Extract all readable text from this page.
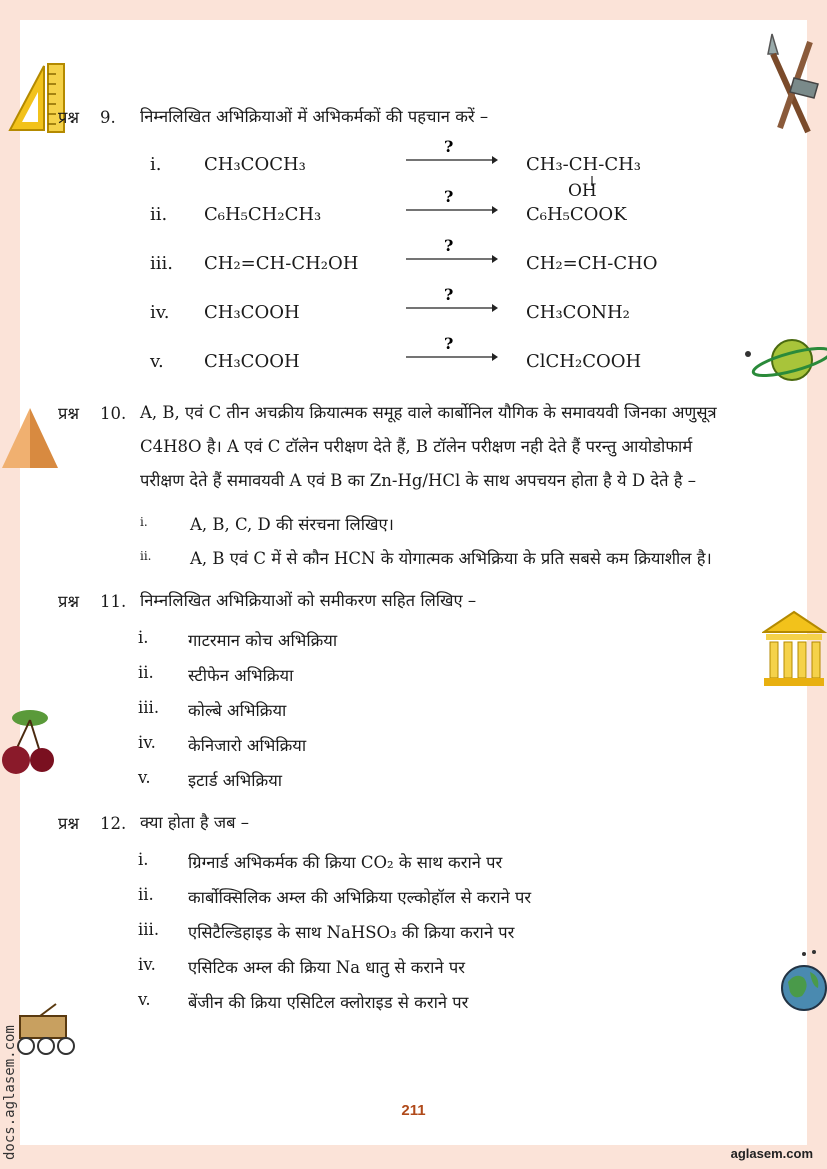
प्रश्न 9. निम्नलिखित अभिक्रियाओं में अभिकर्मकों की पहचान करें –
i. CH₃COCH₃
?
CH₃-CH-CH₃
OH
ii. C₆H₅CH₂CH₃
?
C₆H₅COOK
iii. CH₂=CH-CH₂OH
?
CH₂=CH-CHO
iv. CH₃COOH
?
CH₃CONH₂
v. CH₃COOH
?
ClCH₂COOH
प्रश्न 10. A, B, एवं C तीन अचक्रीय क्रियात्मक समूह वाले कार्बोनिल यौगिक के समावयवी जिनका अणुसूत्र
C4H8O है। A एवं C टॉलेन परीक्षण देते हैं, B टॉलेन परीक्षण नही देते हैं परन्तु आयोडोफार्म
परीक्षण देते हैं समावयवी A एवं B का Zn-Hg/HCl के साथ अपचयन होता है ये D देते है –
i.	A, B, C, D की संरचना लिखिए।
ii. A, B एवं C में से कौन HCN के योगात्मक अभिक्रिया के प्रति सबसे कम क्रियाशील है।
प्रश्न 11. निम्नलिखित अभिक्रियाओं को समीकरण सहित लिखिए –
i. गाटरमान कोच अभिक्रिया
ii. स्टीफेन अभिक्रिया
iii. कोल्बे अभिक्रिया
iv. केनिजारो अभिक्रिया
v. इटार्ड अभिक्रिया
प्रश्न 12. क्या होता है जब –
i. ग्रिग्नार्ड अभिकर्मक की क्रिया CO₂ के साथ कराने पर
ii. कार्बोक्सिलिक अम्ल की अभिक्रिया एल्कोहॉल से कराने पर
iii. एसिटैल्डिहाइड के साथ NaHSO₃ की क्रिया कराने पर
iv. एसिटिक अम्ल की क्रिया Na धातु से कराने पर
v. बेंजीन की क्रिया एसिटिल क्लोराइड से कराने पर
211
aglasem.com
docs.aglasem.com
